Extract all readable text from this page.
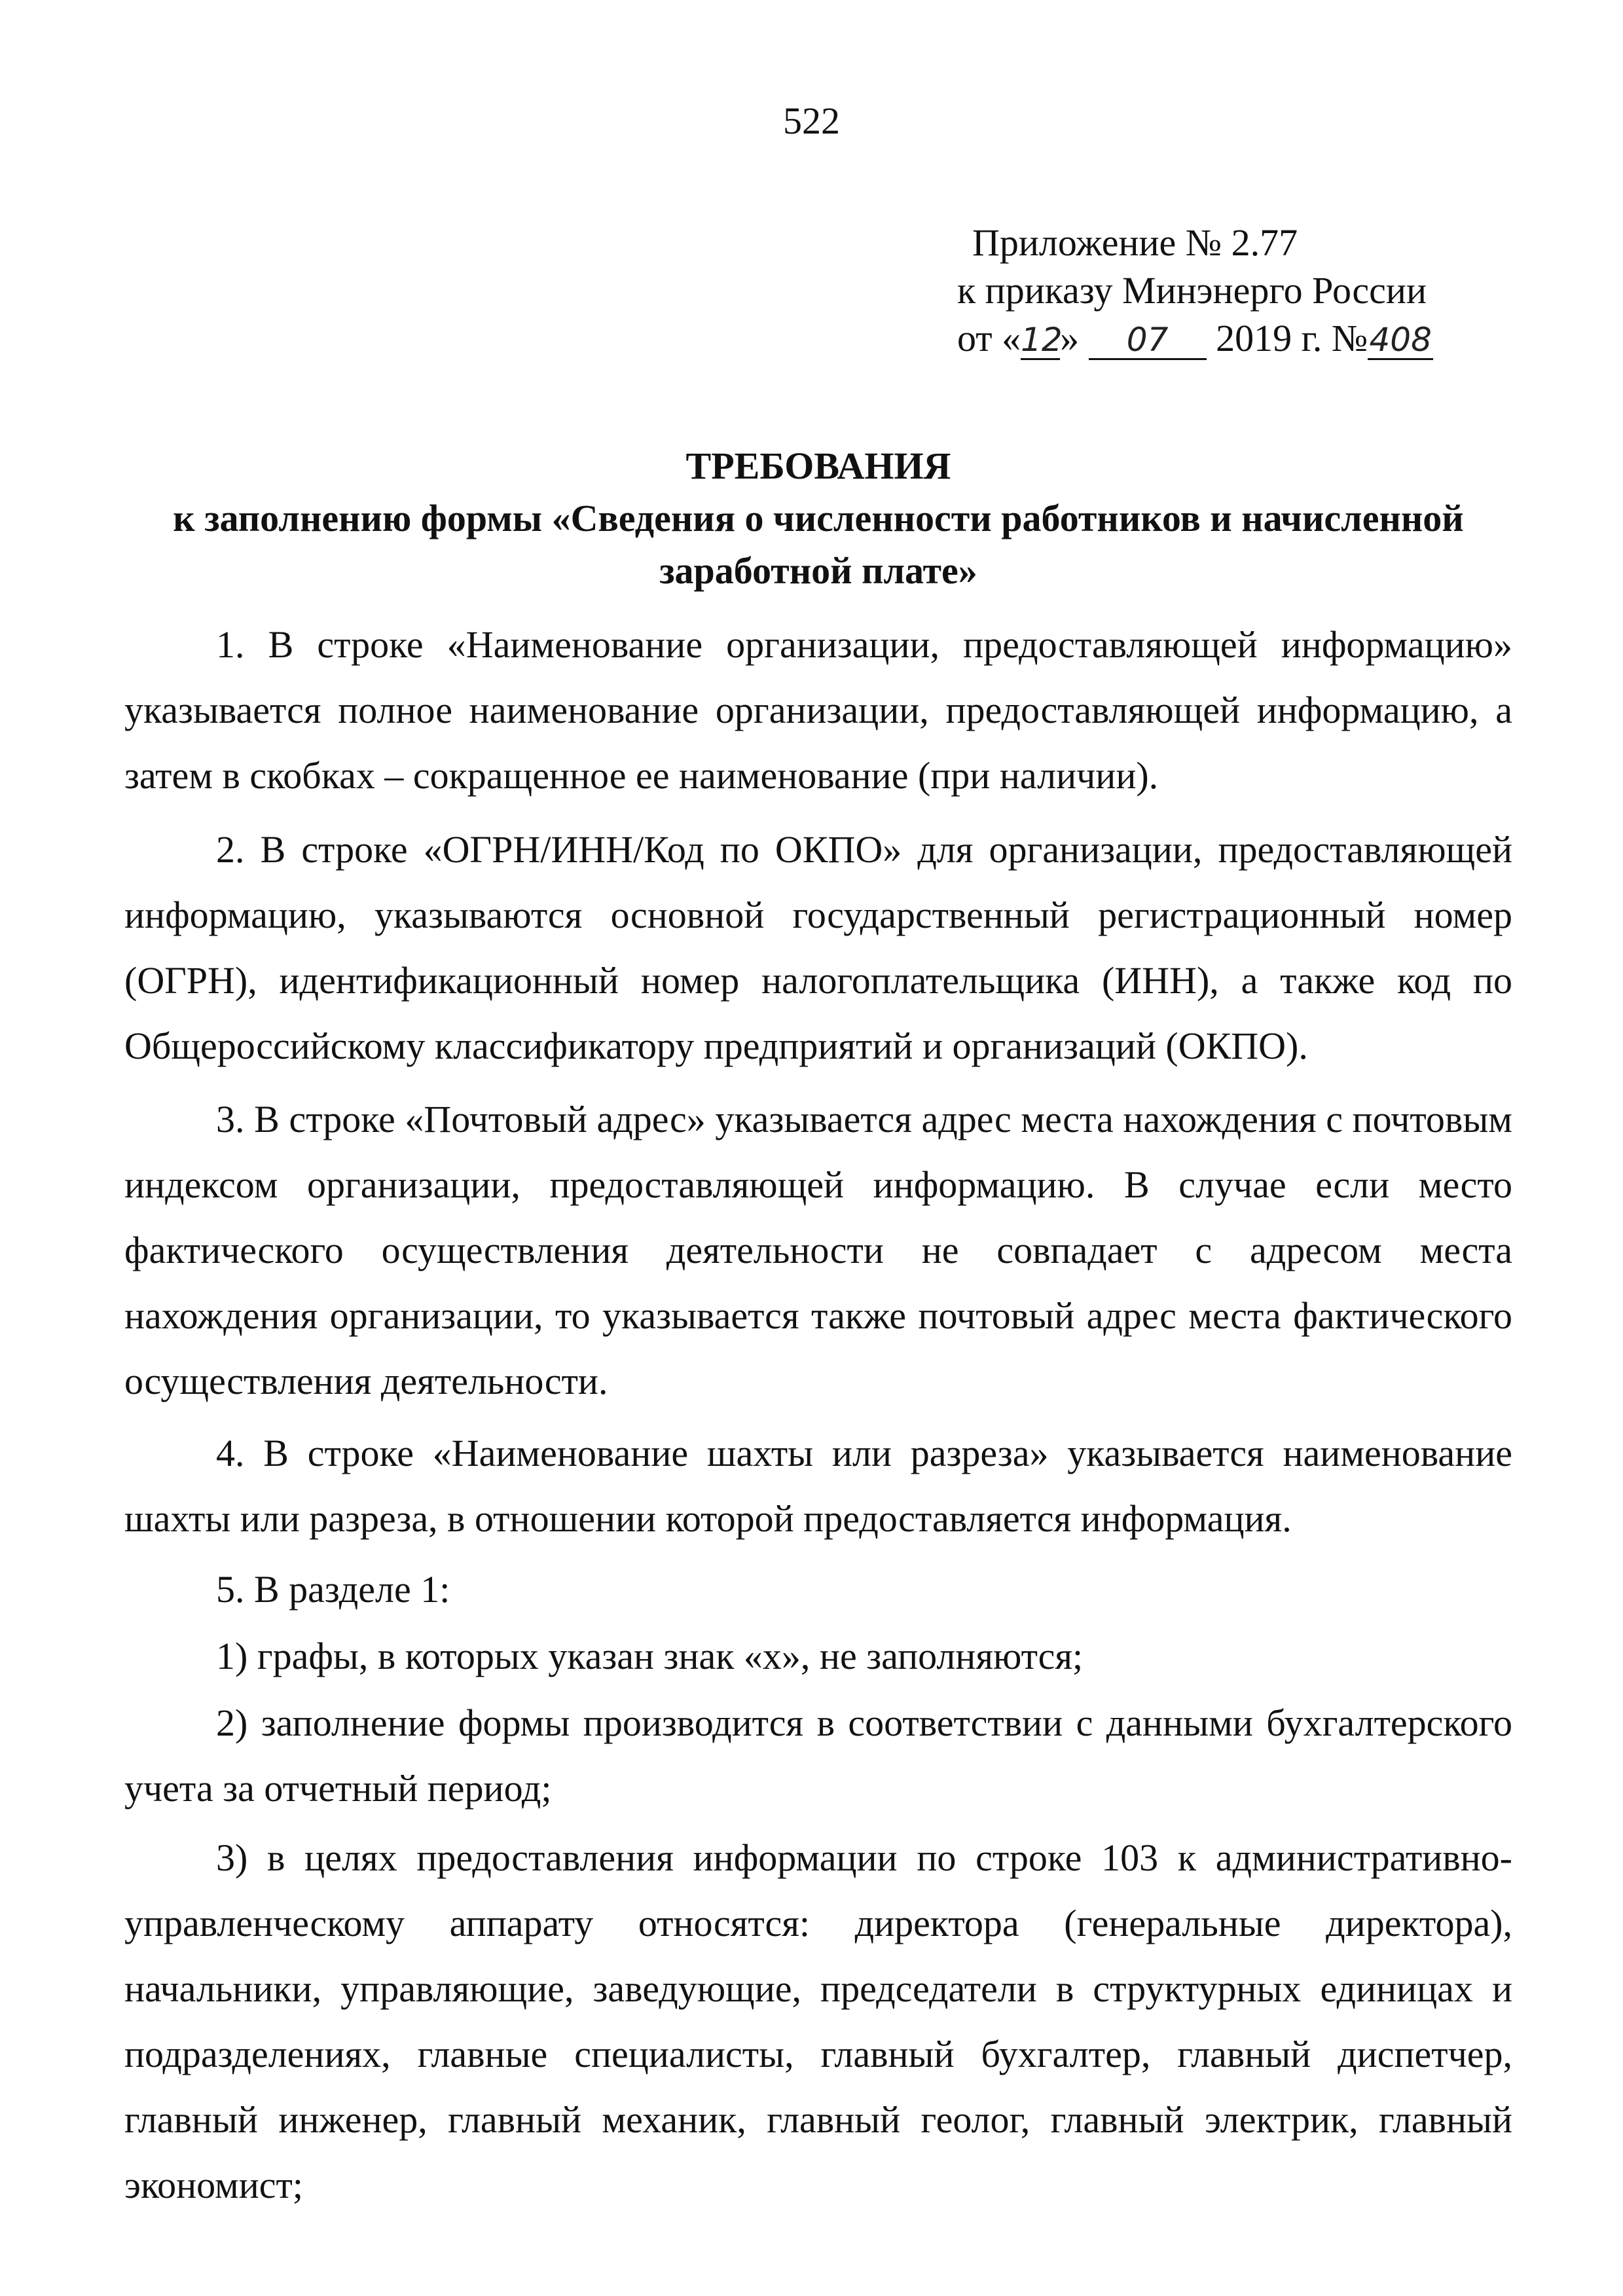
522
Приложение № 2.77
к приказу Минэнерго России
от «12» 07 2019 г. №408
ТРЕБОВАНИЯ
к заполнению формы «Сведения о численности работников и начисленной заработной плате»

1. В строке «Наименование организации, предоставляющей информацию» указывается полное наименование организации, предоставляющей информацию, а затем в скобках – сокращенное ее наименование (при наличии).

2. В строке «ОГРН/ИНН/Код по ОКПО» для организации, предоставляющей информацию, указываются основной государственный регистрационный номер (ОГРН), идентификационный номер налогоплательщика (ИНН), а также код по Общероссийскому классификатору предприятий и организаций (ОКПО).

3. В строке «Почтовый адрес» указывается адрес места нахождения с почтовым индексом организации, предоставляющей информацию. В случае если место фактического осуществления деятельности не совпадает с адресом места нахождения организации, то указывается также почтовый адрес места фактического осуществления деятельности.

4. В строке «Наименование шахты или разреза» указывается наименование шахты или разреза, в отношении которой предоставляется информация.

5. В разделе 1:

1) графы, в которых указан знак «х», не заполняются;

2) заполнение формы производится в соответствии с данными бухгалтерского учета за отчетный период;

3) в целях предоставления информации по строке 103 к административно-управленческому аппарату относятся: директора (генеральные директора), начальники, управляющие, заведующие, председатели в структурных единицах и подразделениях, главные специалисты, главный бухгалтер, главный диспетчер, главный инженер, главный механик, главный геолог, главный электрик, главный экономист;
